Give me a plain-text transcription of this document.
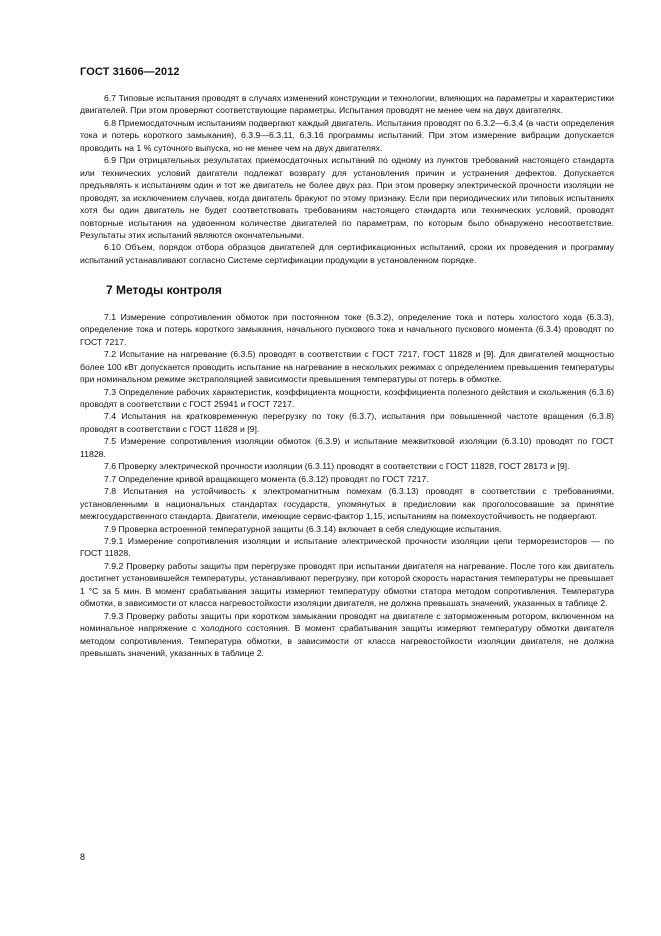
ГОСТ 31606—2012

6.7 Типовые испытания проводят в случаях изменений конструкции и технологии, влияющих на параметры и характеристики двигателей. При этом проверяют соответствующие параметры. Испытания проводят не менее чем на двух двигателях.

6.8 Приемосдаточным испытаниям подвергают каждый двигатель. Испытания проводят по 6.3.2—6.3.4 (в части определения тока и потерь короткого замыкания), 6.3.9—6.3.11, 6.3.16 программы испытаний. При этом измерение вибрации допускается проводить на 1 % суточного выпуска, но не менее чем на двух двигателях.

6.9 При отрицательных результатах приемосдаточных испытаний по одному из пунктов требований настоящего стандарта или технических условий двигатели подлежат возврату для установления причин и устранения дефектов. Допускается предъявлять к испытаниям один и тот же двигатель не более двух раз. При этом проверку электрической прочности изоляции не проводят, за исключением случаев, когда двигатель бракуют по этому признаку. Если при периодических или типовых испытаниях хотя бы один двигатель не будет соответствовать требованиям настоящего стандарта или технических условий, проводят повторные испытания на удвоенном количестве двигателей по параметрам, по которым было обнаружено несоответствие. Результаты этих испытаний являются окончательными.

6.10 Объем, порядок отбора образцов двигателей для сертификационных испытаний, сроки их проведения и программу испытаний устанавливают согласно Системе сертификации продукции в установленном порядке.

7 Методы контроля

7.1 Измерение сопротивления обмоток при постоянном токе (6.3.2), определение тока и потерь холостого хода (6.3.3), определение тока и потерь короткого замыкания, начального пускового тока и начального пускового момента (6.3.4) проводят по ГОСТ 7217.

7.2 Испытание на нагревание (6.3.5) проводят в соответствии с ГОСТ 7217, ГОСТ 11828 и [9]. Для двигателей мощностью более 100 кВт допускается проводить испытание на нагревание в нескольких режимах с определением превышения температуры при номинальном режиме экстраполяцией зависимости превышения температуры от потерь в обмотке.

7.3 Определение рабочих характеристик, коэффициента мощности, коэффициента полезного действия и скольжения (6.3.6) проводят в соответствии с ГОСТ 25941 и ГОСТ 7217.

7.4 Испытания на кратковременную перегрузку по току (6.3.7), испытания при повышенной частоте вращения (6.3.8) проводят в соответствии с ГОСТ 11828 и [9].

7.5 Измерение сопротивления изоляции обмоток (6.3.9) и испытание межвитковой изоляции (6.3.10) проводят по ГОСТ 11828.

7.6 Проверку электрической прочности изоляции (6.3.11) проводят в соответствии с ГОСТ 11828, ГОСТ 28173 и [9].

7.7 Определение кривой вращающего момента (6.3.12) проводят по ГОСТ 7217.

7.8 Испытания на устойчивость к электромагнитным помехам (6.3.13) проводят в соответствии с требованиями, установленными в национальных стандартах государств, упомянутых в предисловии как проголосовавшие за принятие межгосударственного стандарта. Двигатели, имеющие сервис-фактор 1,15, испытаниям на помехоустойчивость не подвергают.

7.9 Проверка встроенной температурной защиты (6.3.14) включает в себя следующие испытания.

7.9.1 Измерение сопротивления изоляции и испытание электрической прочности изоляции цепи терморезисторов — по ГОСТ 11828.

7.9.2 Проверку работы защиты при перегрузке проводят при испытании двигателя на нагревание. После того как двигатель достигнет установившейся температуры, устанавливают перегрузку, при которой скорость нарастания температуры не превышает 1 °С за 5 мин. В момент срабатывания защиты измеряют температуру обмотки статора методом сопротивления. Температура обмотки, в зависимости от класса нагревостойкости изоляции двигателя, не должна превышать значений, указанных в таблице 2.

7.9.3 Проверку работы защиты при коротком замыкании проводят на двигателе с заторможенным ротором, включенном на номинальное напряжение с холодного состояния. В момент срабатывания защиты измеряют температуру обмотки двигателя методом сопротивления. Температура обмотки, в зависимости от класса нагревостойкости изоляции двигателя, не должна превышать значений, указанных в таблице 2.

8
